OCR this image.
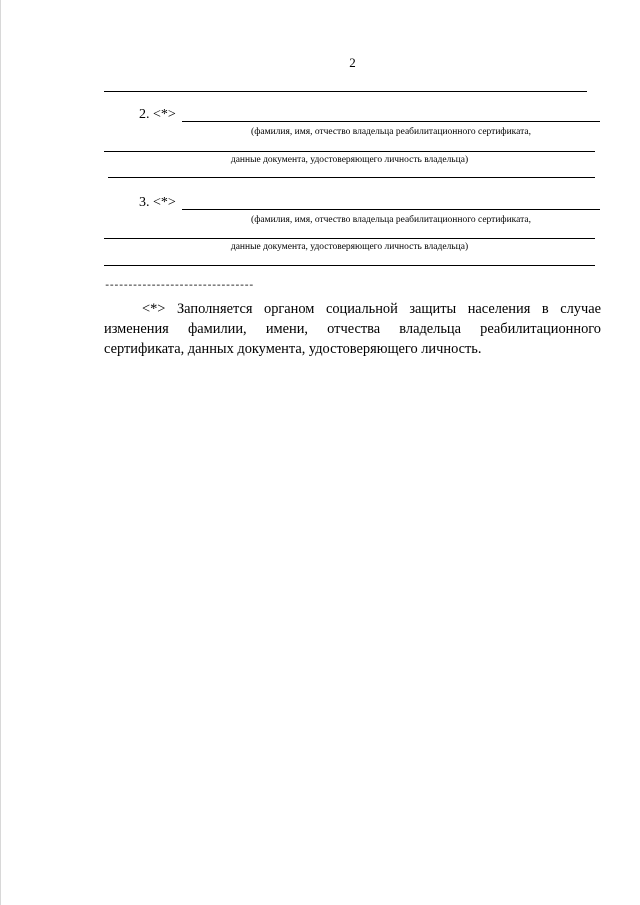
2
2. <*>
(фамилия, имя, отчество владельца реабилитационного сертификата,
данные документа, удостоверяющего личность владельца)
3. <*>
(фамилия, имя, отчество владельца реабилитационного сертификата,
данные документа, удостоверяющего личность владельца)
--------------------------------
<*> Заполняется органом социальной защиты населения в случае изменения фамилии, имени, отчества владельца реабилитационного сертификата, данных документа, удостоверяющего личность.
